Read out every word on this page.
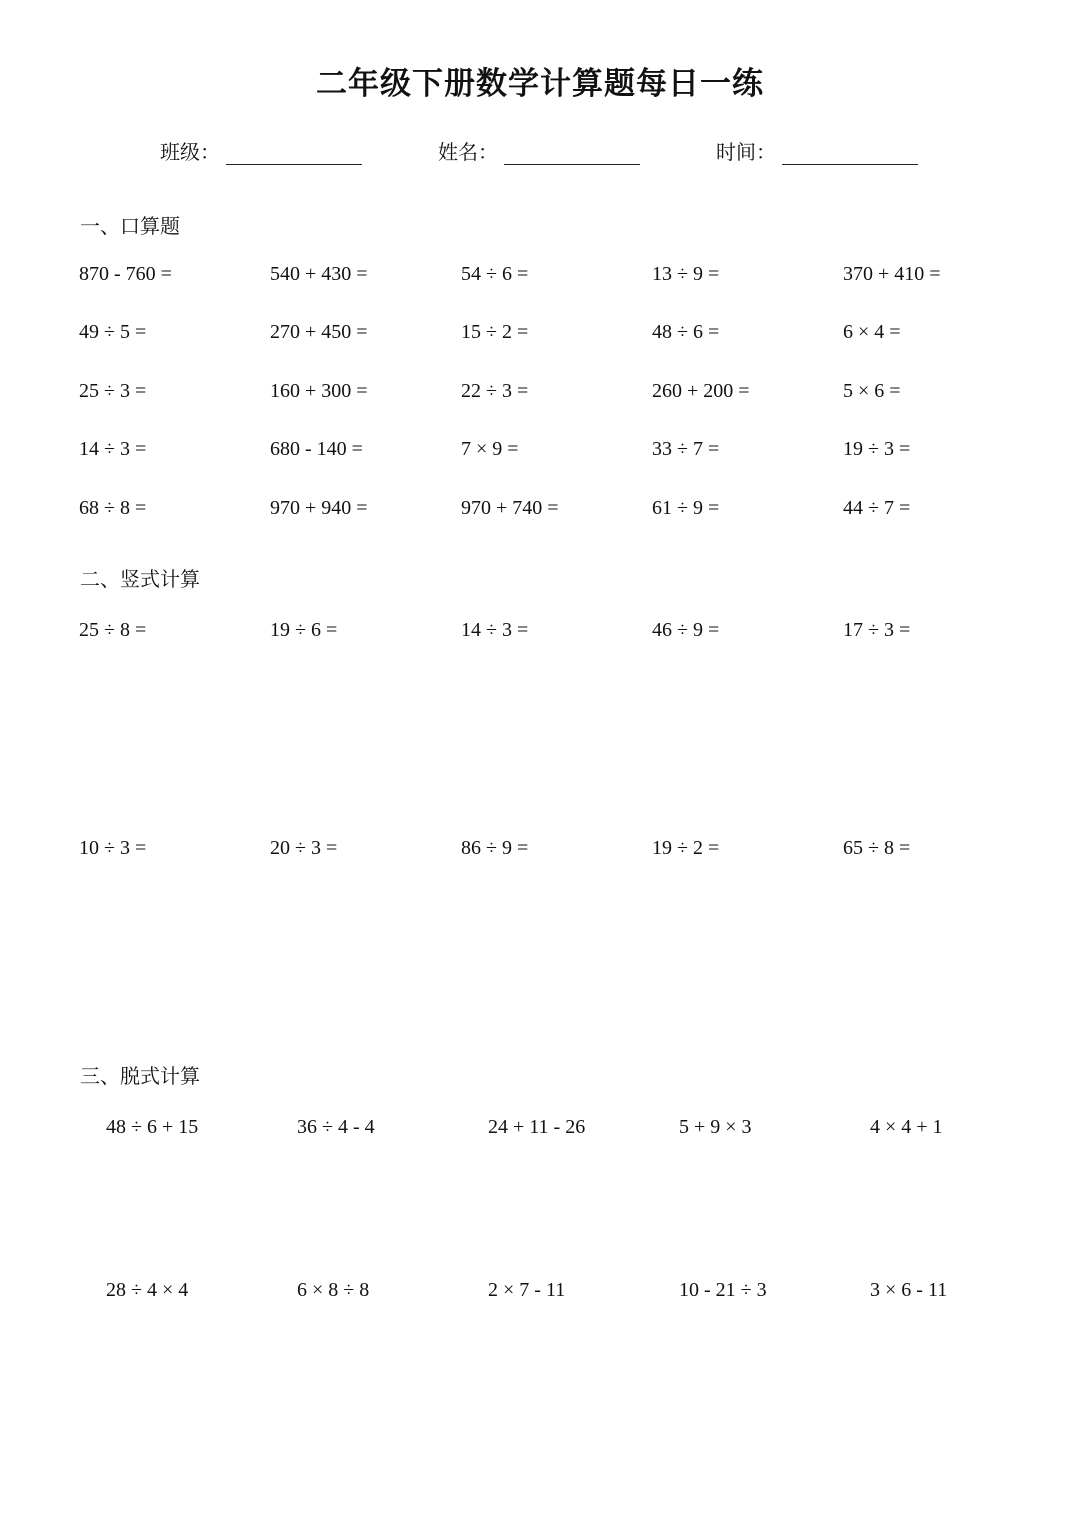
二年级下册数学计算题每日一练
班级：	姓名：	时间：
一、口算题
870 - 760 =	540 + 430 =	54 ÷ 6 =	13 ÷ 9 =	370 + 410 =
49 ÷ 5 =	270 + 450 =	15 ÷ 2 =	48 ÷ 6 =	6 × 4 =
25 ÷ 3 =	160 + 300 =	22 ÷ 3 =	260 + 200 =	5 × 6 =
14 ÷ 3 =	680 - 140 =	7 × 9 =	33 ÷ 7 =	19 ÷ 3 =
68 ÷ 8 =	970 + 940 =	970 + 740 =	61 ÷ 9 =	44 ÷ 7 =
二、竖式计算
25 ÷ 8 =	19 ÷ 6 =	14 ÷ 3 =	46 ÷ 9 =	17 ÷ 3 =
10 ÷ 3 =	20 ÷ 3 =	86 ÷ 9 =	19 ÷ 2 =	65 ÷ 8 =
三、脱式计算
48 ÷ 6 + 15	36 ÷ 4 - 4	24 + 11 - 26	5 + 9 × 3	4 × 4 + 1
28 ÷ 4 × 4	6 × 8 ÷ 8	2 × 7 - 11	10 - 21 ÷ 3	3 × 6 - 11
